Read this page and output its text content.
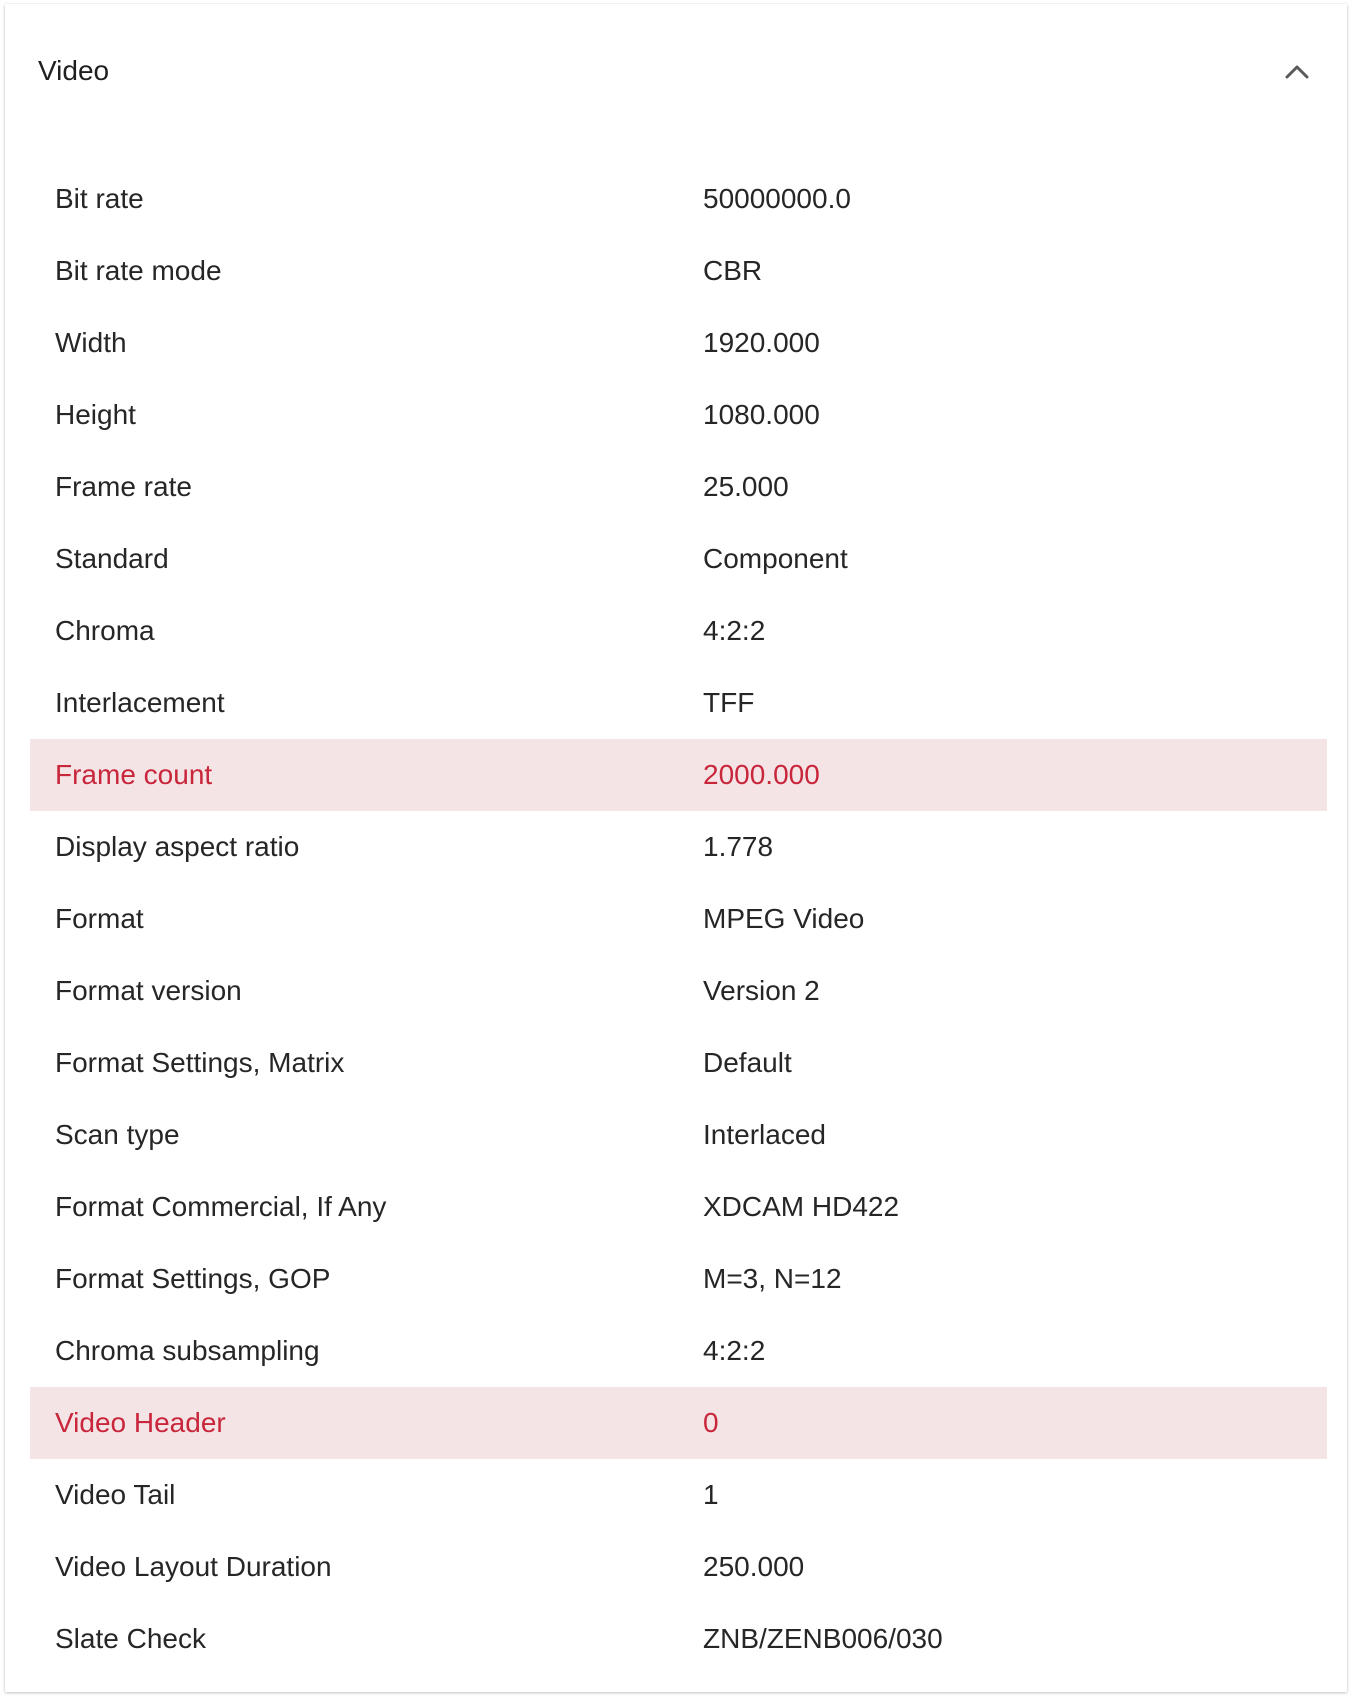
Video
Bit rate	50000000.0
Bit rate mode	CBR
Width	1920.000
Height	1080.000
Frame rate	25.000
Standard	Component
Chroma	4:2:2
Interlacement	TFF
Frame count	2000.000
Display aspect ratio	1.778
Format	MPEG Video
Format version	Version 2
Format Settings, Matrix	Default
Scan type	Interlaced
Format Commercial, If Any	XDCAM HD422
Format Settings, GOP	M=3, N=12
Chroma subsampling	4:2:2
Video Header	0
Video Tail	1
Video Layout Duration	250.000
Slate Check	ZNB/ZENB006/030
